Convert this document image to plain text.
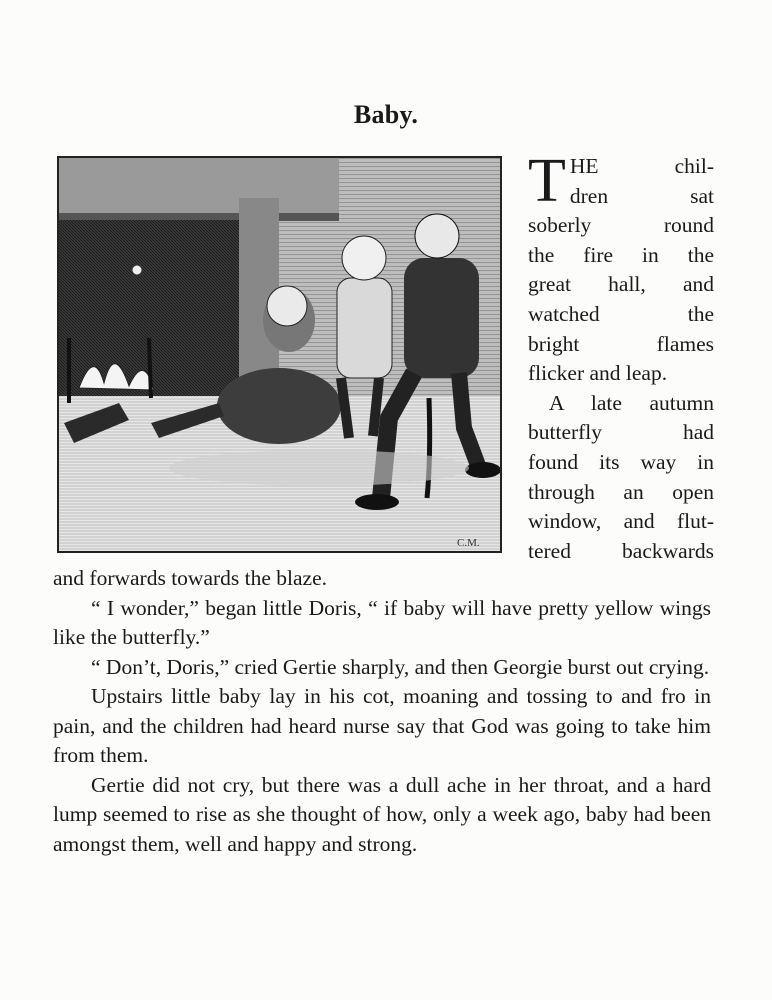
Baby.
C.M.
T HE chil-
dren sat
soberly round
the fire in the
great hall, and
watched the
bright flames
flicker and leap.
A late autumn
butterfly had
found its way in
through an open
window, and flut-
tered backwards

and forwards towards the blaze.

“ I wonder,” began little Doris, “ if baby will have pretty yellow wings like the butterfly.”

“ Don’t, Doris,” cried Gertie sharply, and then Georgie burst out crying.

Upstairs little baby lay in his cot, moaning and tossing to and fro in pain, and the children had heard nurse say that God was going to take him from them.

Gertie did not cry, but there was a dull ache in her throat, and a hard lump seemed to rise as she thought of how, only a week ago, baby had been amongst them, well and happy and strong.
